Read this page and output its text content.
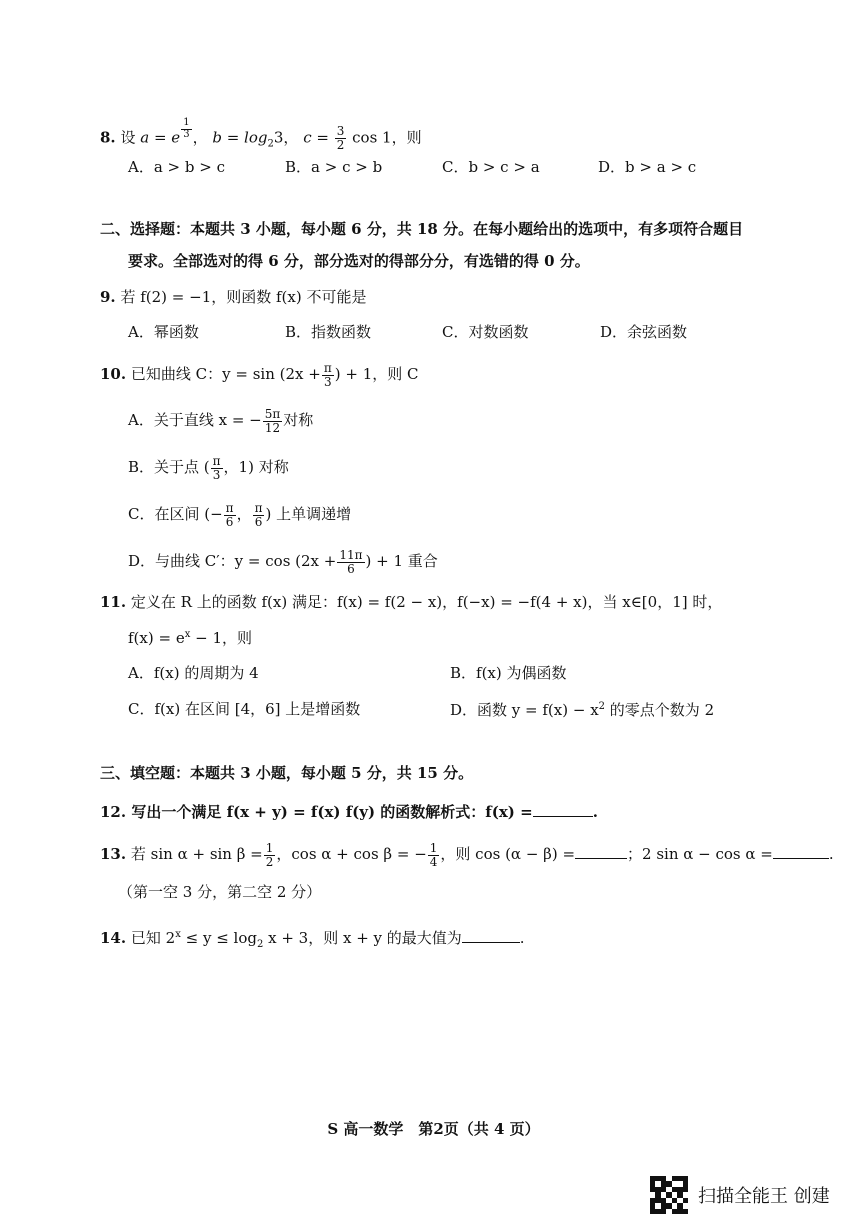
8. 设 a = e $\frac{1}{3}$ ， $b = \log_23$， $c = \frac{3}{2}$ cos 1，则
A．a > b > c	B．a > c > b	C．b > c > a	D．b > a > c
二、选择题：本题共 3 小题，每小题 6 分，共 18 分。在每小题给出的选项中，有多项符合题目
要求。全部选对的得 6 分，部分选对的得部分分，有选错的得 0 分。
9. 若 f(2) = −1，则函数 f(x) 不可能是
A．幂函数	B．指数函数	C．对数函数	D．余弦函数
10. 已知曲线 C：$y = \sin (2x + \frac{\pi}{3}$ ) + 1，则 C
A．关于直线 x = − $\frac{5\pi}{12}$ 对称
B．关于点 ( $\frac{\pi}{3}$ ，1) 对称
C．在区间 (− $\frac{\pi}{6}$ ， $\frac{\pi}{6}$ ) 上单调递增
D．与曲线 C′：$y = \cos (2x + \frac{11\pi}{6}$ ) + 1 重合
11. 定义在 R 上的函数 f(x) 满足：f(x) = f(2 − x)，f(−x) = −f(4 + x)，当 x∈[0，1] 时，
$f(x) = e^x - 1$，则
A．f(x) 的周期为 4	B．f(x) 为偶函数
C．f(x) 在区间 [4，6] 上是增函数	D．函数 $y = f(x) - x^2$ 的零点个数为 2
三、填空题：本题共 3 小题，每小题 5 分，共 15 分。
12. 写出一个满足 f(x + y) = f(x) f(y) 的函数解析式：f(x) =	.
13. 若 $\sin \alpha + \sin \beta = \frac{1}{2}$ ，cos α + cos β = − $\frac{1}{4}$ ，则 cos (α − β) =	；2 sin α − cos α =	.
（第一空 3 分，第二空 2 分）
14. 已知 $2^x \le y \le \log_2 x + 3$，则 x + y 的最大值为	.
S 高一数学　第2页（共 4 页）
扫描全能王 创建
